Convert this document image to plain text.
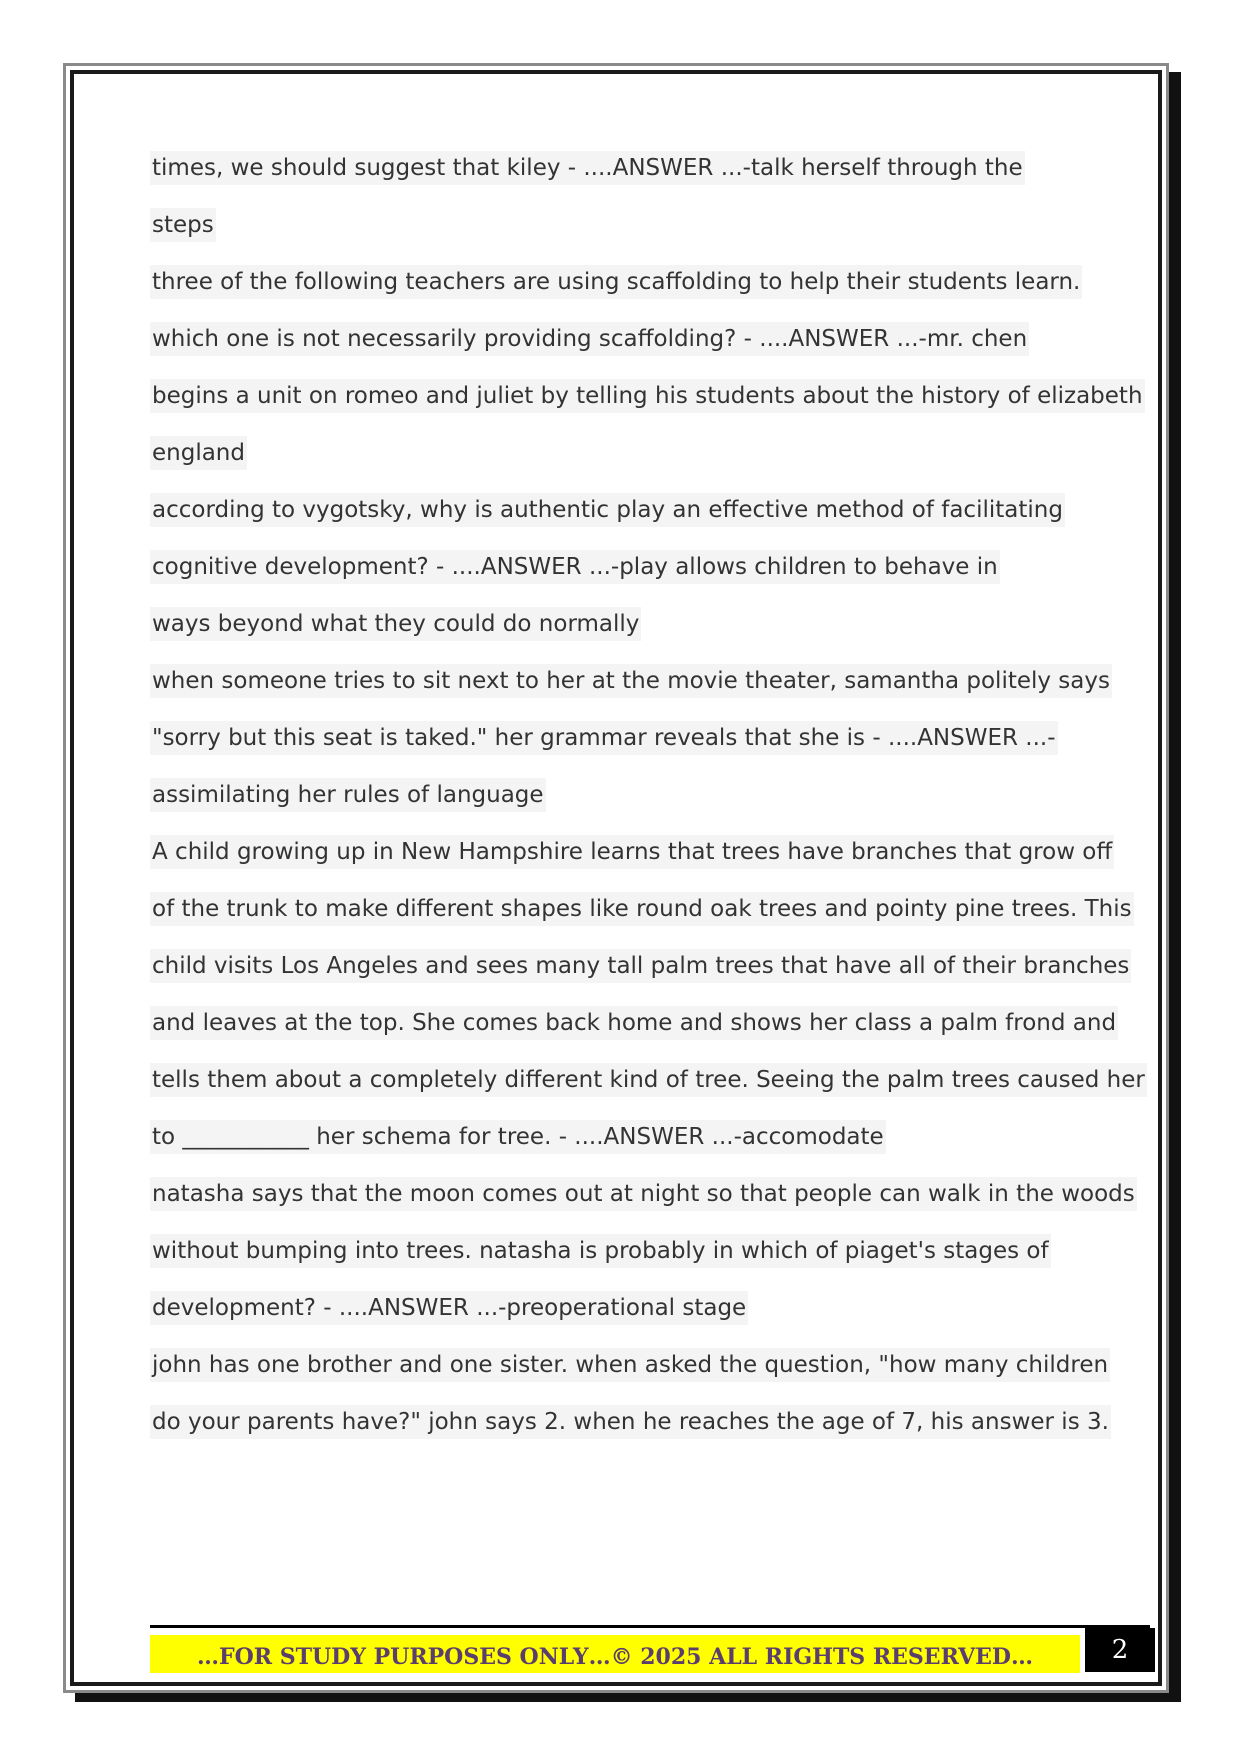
times, we should suggest that kiley - ....ANSWER ...-talk herself through the
steps
three of the following teachers are using scaffolding to help their students learn.
which one is not necessarily providing scaffolding? - ....ANSWER ...-mr. chen
begins a unit on romeo and juliet by telling his students about the history of elizabeth
england
according to vygotsky, why is authentic play an effective method of facilitating
cognitive development? - ....ANSWER ...-play allows children to behave in
ways beyond what they could do normally
when someone tries to sit next to her at the movie theater, samantha politely says
"sorry but this seat is taked." her grammar reveals that she is - ....ANSWER ...-
assimilating her rules of language
A child growing up in New Hampshire learns that trees have branches that grow off
of the trunk to make different shapes like round oak trees and pointy pine trees. This
child visits Los Angeles and sees many tall palm trees that have all of their branches
and leaves at the top. She comes back home and shows her class a palm frond and
tells them about a completely different kind of tree. Seeing the palm trees caused her
to ___________ her schema for tree. - ....ANSWER ...-accomodate
natasha says that the moon comes out at night so that people can walk in the woods
without bumping into trees. natasha is probably in which of piaget's stages of
development? - ....ANSWER ...-preoperational stage
john has one brother and one sister. when asked the question, "how many children
do your parents have?" john says 2. when he reaches the age of 7, his answer is 3.
…FOR STUDY PURPOSES ONLY…© 2025 ALL RIGHTS RESERVED…	2
